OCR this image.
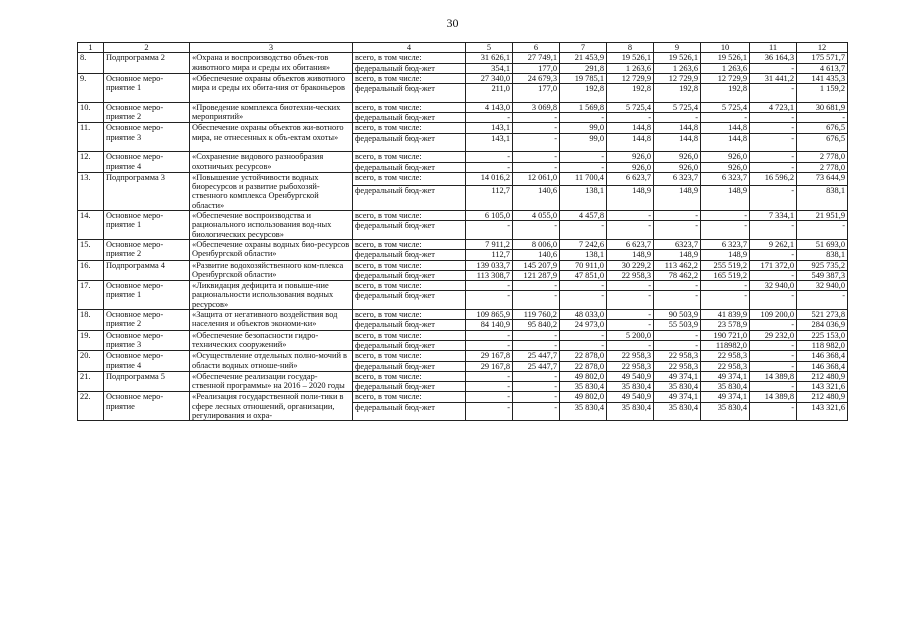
30
1	2	3	4	5	6	7	8	9	10	11	12
8.	Подпрограмма 2	«Охрана и воспроизводство объек-тов животного мира и среды их обитания»	всего, в том числе:	31 626,1	27 749,1	21 453,9	19 526,1	19 526,1	19 526,1	36 164,3	175 571,7
			федеральный бюд-жет	354,1	177,0	291,8	1 263,6	1 263,6	1 263,6	-	4 613,7
9.	Основное меро-приятие 1	«Обеспечение охраны объектов животного мира и среды их обита-ния от браконьеров	всего, в том числе:	27 340,0	24 679,3	19 785,1	12 729,9	12 729,9	12 729,9	31 441,2	141 435,3
			федеральный бюд-жет	211,0	177,0	192,8	192,8	192,8	192,8	-	1 159,2
10.	Основное меро-приятие 2	«Проведение комплекса биотехни-ческих мероприятий»	всего, в том числе:	4 143,0	3 069,8	1 569,8	5 725,4	5 725,4	5 725,4	4 723,1	30 681,9
			федеральный бюд-жет	-	-	-	-	-	-	-	-
11.	Основное меро-приятие 3	Обеспечение охраны объектов жи-вотного мира, не отнесенных к объ-ектам охоты»	всего, в том числе:	143,1	-	99,0	144,8	144,8	144,8	-	676,5
			федеральный бюд-жет	143,1	-	99,0	144,8	144,8	144,8	-	676,5
12.	Основное меро-приятие 4	«Сохранение видового разнообразия охотничьих ресурсов»	всего, в том числе:	-	-	-	926,0	926,0	926,0	-	2 778,0
			федеральный бюд-жет	-	-	-	926,0	926,0	926,0	-	2 778,0
13.	Подпрограмма 3	«Повышение устойчивости водных биоресурсов и развитие рыбохозяй-ственного комплекса Оренбургской области»	всего, в том числе:	14 016,2	12 061,0	11 700,4	6 623,7	6 323,7	6 323,7	16 596,2	73 644,9
			федеральный бюд-жет	112,7	140,6	138,1	148,9	148,9	148,9	-	838,1
14.	Основное меро-приятие 1	«Обеспечение воспроизводства и рационального использования вод-ных биологических ресурсов»	всего, в том числе:	6 105,0	4 055,0	4 457,8	-	-	-	7 334,1	21 951,9
			федеральный бюд-жет	-	-	-	-	-	-	-	-
15.	Основное меро-приятие 2	«Обеспечение охраны водных био-ресурсов Оренбургской области»	всего, в том числе:	7 911,2	8 006,0	7 242,6	6 623,7	6323,7	6 323,7	9 262,1	51 693,0
			федеральный бюд-жет	112,7	140,6	138,1	148,9	148,9	148,9	-	838,1
16.	Подпрограмма 4	«Развитие водохозяйственного ком-плекса Оренбургской области»	всего, в том числе:	139 033,7	145 207,9	70 911,0	30 229,2	113 462,2	255 519,2	171 372,0	925 735,2
			федеральный бюд-жет	113 308,7	121 287,9	47 851,0	22 958,3	78 462,2	165 519,2	-	549 387,3
17.	Основное меро-приятие 1	«Ликвидация дефицита и повыше-ние рациональности использования водных ресурсов»	всего, в том числе:	-	-	-	-	-	-	32 940,0	32 940,0
			федеральный бюд-жет	-	-	-	-	-	-	-	-
18.	Основное меро-приятие 2	«Защита от негативного воздействия вод населения и объектов экономи-ки»	всего, в том числе:	109 865,9	119 760,2	48 033,0	-	90 503,9	41 839,9	109 200,0	521 273,8
			федеральный бюд-жет	84 140,9	95 840,2	24 973,0	-	55 503,9	23 578,9	-	284 036,9
19.	Основное меро-приятие 3	«Обеспечение безопасности гидро-технических сооружений»	всего, в том числе:	-	-	-	5 200,0	-	190 721,0	29 232,0	225 153,0
			федеральный бюд-жет	-	-	-	-	-	118982,0	-	118 982,0
20.	Основное меро-приятие 4	«Осуществление отдельных полно-мочий в области водных отноше-ний»	всего, в том числе:	29 167,8	25 447,7	22 878,0	22 958,3	22 958,3	22 958,3	-	146 368,4
			федеральный бюд-жет	29 167,8	25 447,7	22 878,0	22 958,3	22 958,3	22 958,3	-	146 368,4
21.	Подпрограмма 5	«Обеспечение реализации государ-ственной программы» на 2016 – 2020 годы	всего, в том числе:	-	-	49 802,0	49 540,9	49 374,1	49 374,1	14 389,8	212 480,9
			федеральный бюд-жет	-	-	35 830,4	35 830,4	35 830,4	35 830,4	-	143 321,6
22.	Основное меро-приятие	«Реализация государственной поли-тики в сфере лесных отношений, организации, регулирования и охра-	всего, в том числе:	-	-	49 802,0	49 540,9	49 374,1	49 374,1	14 389,8	212 480,9
			федеральный бюд-жет	-	-	35 830,4	35 830,4	35 830,4	35 830,4	-	143 321,6
